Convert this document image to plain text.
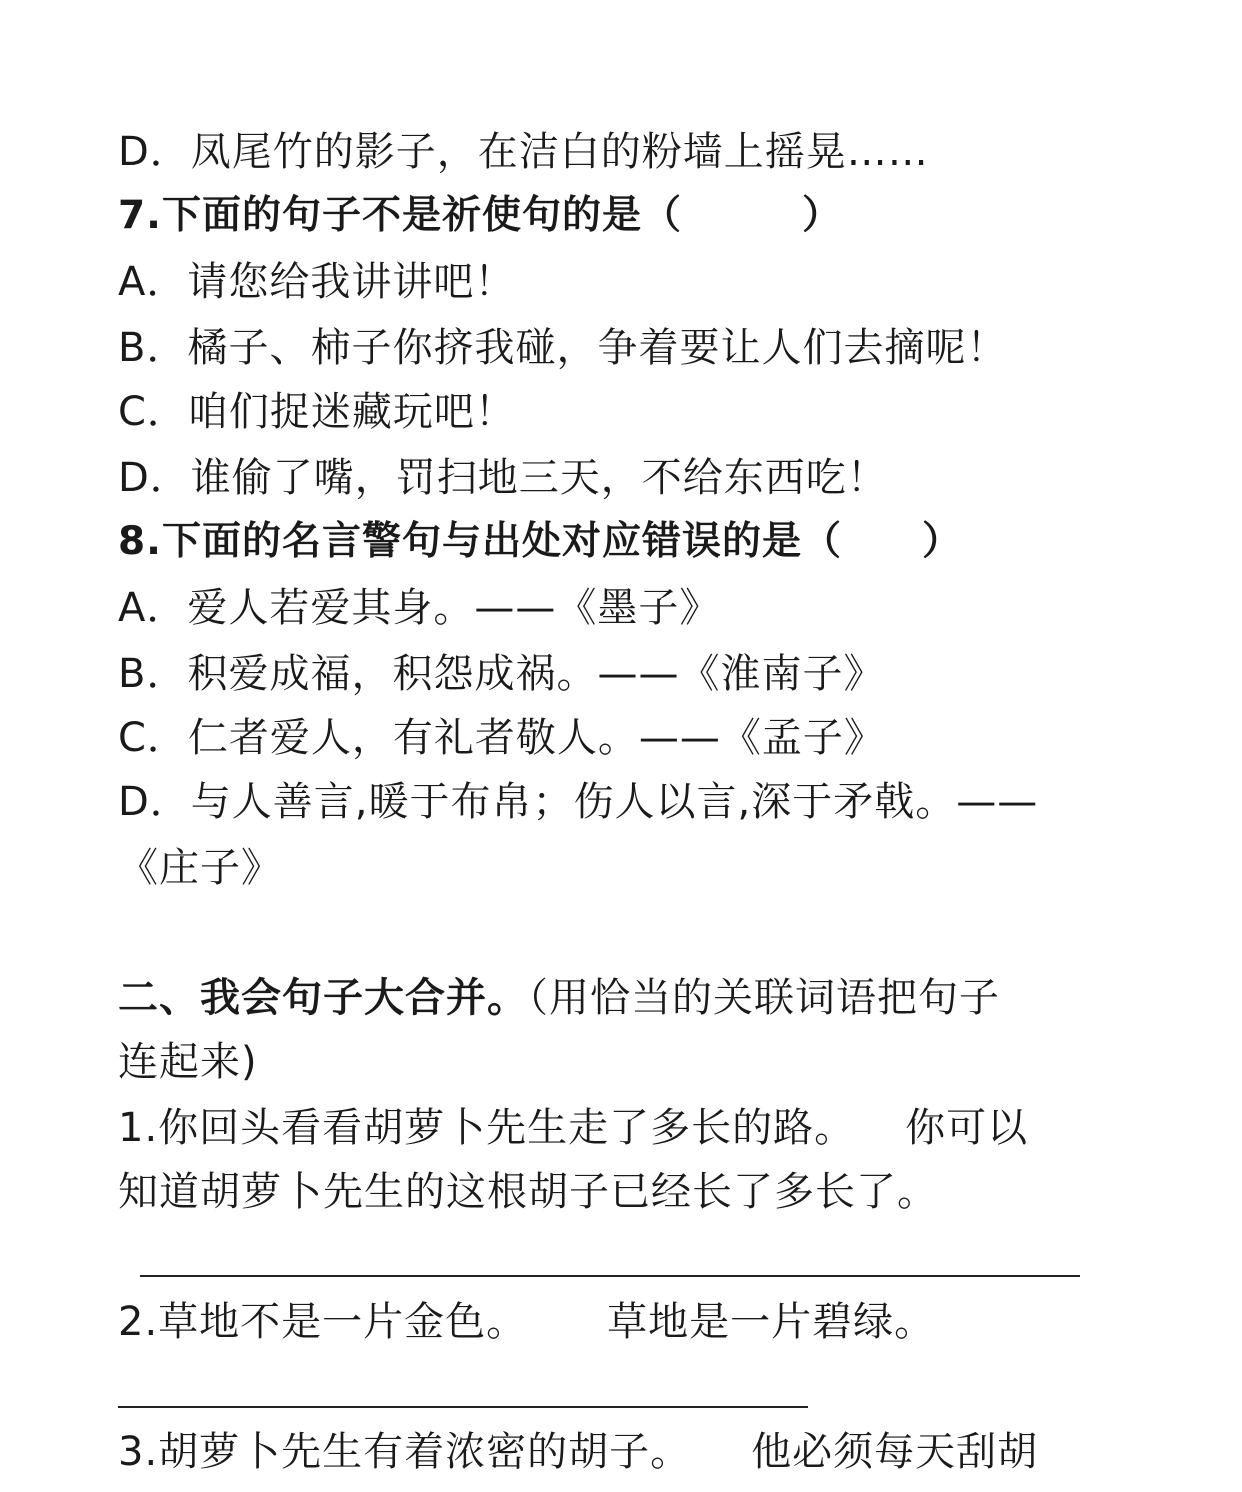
D．凤尾竹的影子，在洁白的粉墙上摇晃……
7.下面的句子不是祈使句的是（	）
A．请您给我讲讲吧！
B．橘子、柿子你挤我碰，争着要让人们去摘呢！
C．咱们捉迷藏玩吧！
D．谁偷了嘴，罚扫地三天，不给东西吃！
8.下面的名言警句与出处对应错误的是（ ）
A．爱人若爱其身。——《墨子》
B．积爱成福，积怨成祸。——《淮南子》
C．仁者爱人，有礼者敬人。——《孟子》
D．与人善言,暖于布帛；伤人以言,深于矛戟。——
《庄子》
二、我会句子大合并。（用恰当的关联词语把句子
连起来)
1.你回头看看胡萝卜先生走了多长的路。 你可以
知道胡萝卜先生的这根胡子已经长了多长了。
2.草地不是一片金色。 草地是一片碧绿。
3.胡萝卜先生有着浓密的胡子。 他必须每天刮胡
